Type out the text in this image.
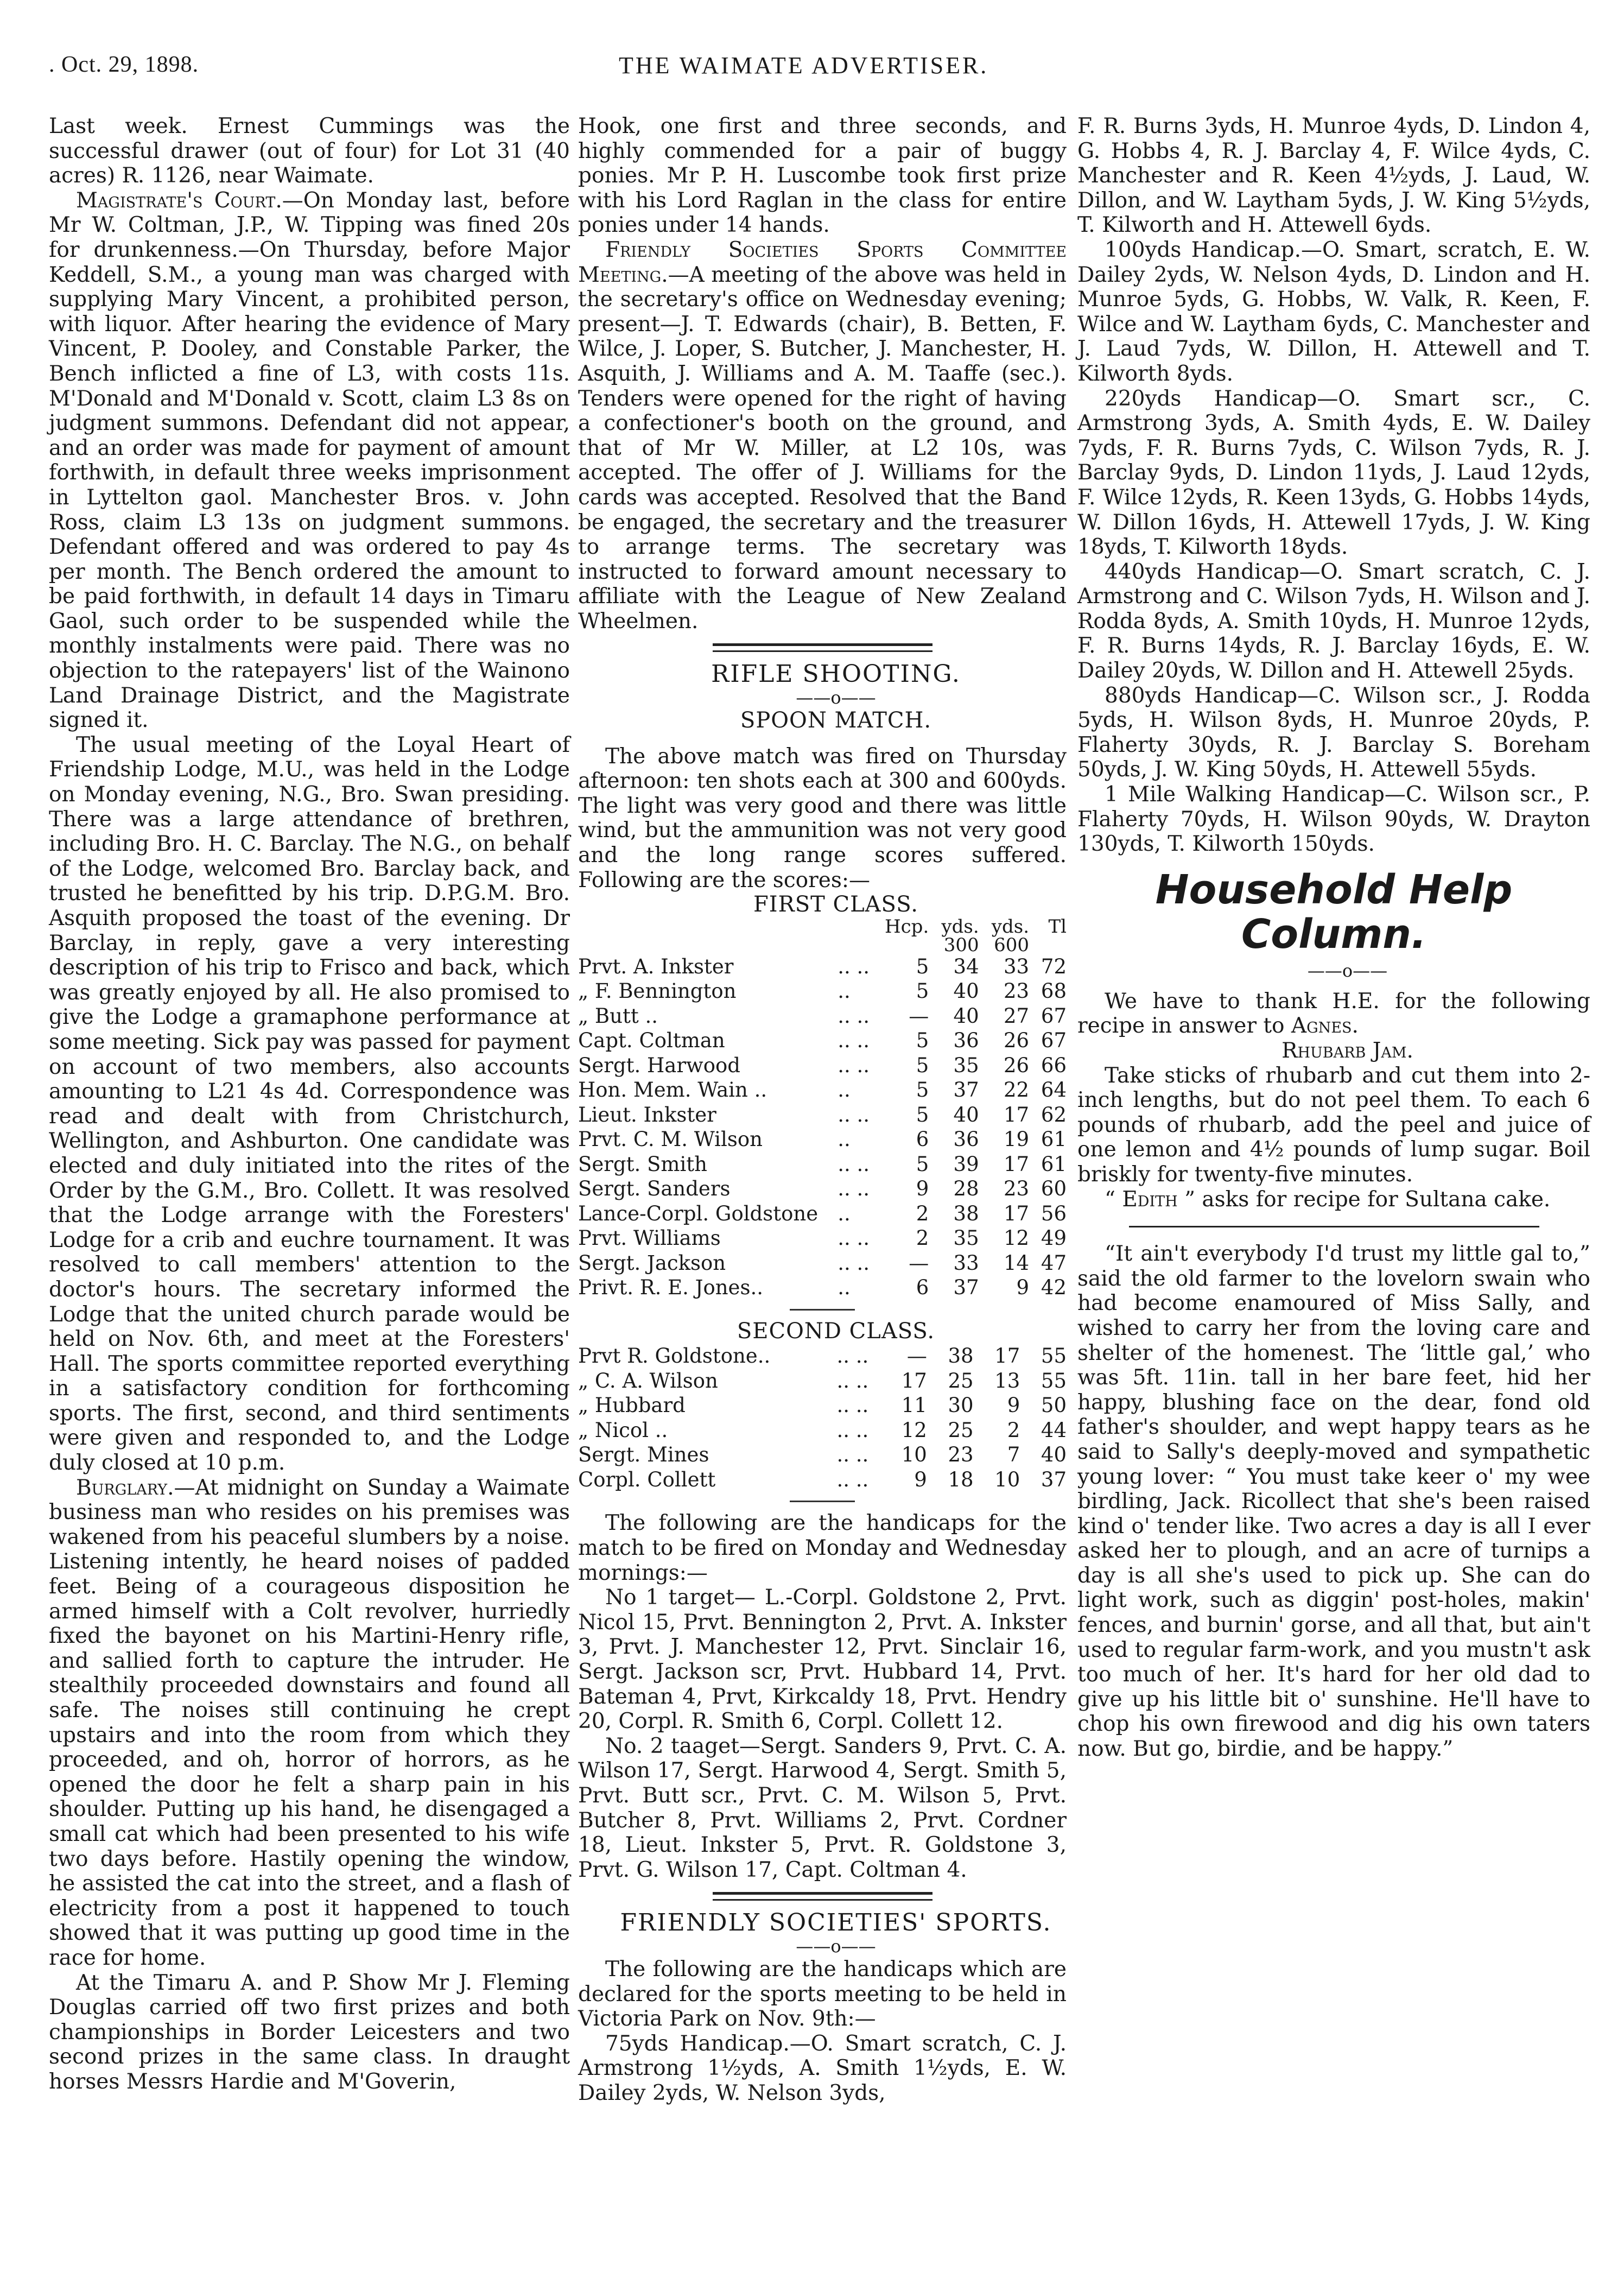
. Oct. 29, 1898.	THE WAIMATE ADVERTISER.

Last week. Ernest Cummings was the successful drawer (out of four) for Lot 31 (40 acres) R. 1126, near Waimate.

Magistrate's Court.—On Monday last, before Mr W. Coltman, J.P., W. Tipping was fined 20s for drunkenness.—On Thursday, before Major Keddell, S.M., a young man was charged with supplying Mary Vincent, a prohibited person, with liquor. After hearing the evidence of Mary Vincent, P. Dooley, and Constable Parker, the Bench inflicted a fine of L3, with costs 11s. M'Donald and M'Donald v. Scott, claim L3 8s on judgment summons. Defendant did not appear, and an order was made for payment of amount forthwith, in default three weeks imprisonment in Lyttelton gaol. Manchester Bros. v. John Ross, claim L3 13s on judgment summons. Defendant offered and was ordered to pay 4s per month. The Bench ordered the amount to be paid forthwith, in default 14 days in Timaru Gaol, such order to be suspended while the monthly instalments were paid. There was no objection to the ratepayers' list of the Wainono Land Drainage District, and the Magistrate signed it.

The usual meeting of the Loyal Heart of Friendship Lodge, M.U., was held in the Lodge on Monday evening, N.G., Bro. Swan presiding. There was a large attendance of brethren, including Bro. H. C. Barclay. The N.G., on behalf of the Lodge, welcomed Bro. Barclay back, and trusted he benefitted by his trip. D.P.G.M. Bro. Asquith proposed the toast of the evening. Dr Barclay, in reply, gave a very interesting description of his trip to Frisco and back, which was greatly enjoyed by all. He also promised to give the Lodge a gramaphone performance at some meeting. Sick pay was passed for payment on account of two members, also accounts amounting to L21 4s 4d. Correspondence was read and dealt with from Christchurch, Wellington, and Ashburton. One candidate was elected and duly initiated into the rites of the Order by the G.M., Bro. Collett. It was resolved that the Lodge arrange with the Foresters' Lodge for a crib and euchre tournament. It was resolved to call members' attention to the doctor's hours. The secretary informed the Lodge that the united church parade would be held on Nov. 6th, and meet at the Foresters' Hall. The sports committee reported everything in a satisfactory condition for forthcoming sports. The first, second, and third sentiments were given and responded to, and the Lodge duly closed at 10 p.m.

Burglary.—At midnight on Sunday a Waimate business man who resides on his premises was wakened from his peaceful slumbers by a noise. Listening intently, he heard noises of padded feet. Being of a courageous disposition he armed himself with a Colt revolver, hurriedly fixed the bayonet on his Martini-Henry rifle, and sallied forth to capture the intruder. He stealthily proceeded downstairs and found all safe. The noises still continuing he crept upstairs and into the room from which they proceeded, and oh, horror of horrors, as he opened the door he felt a sharp pain in his shoulder. Putting up his hand, he disengaged a small cat which had been presented to his wife two days before. Hastily opening the window, he assisted the cat into the street, and a flash of electricity from a post it happened to touch showed that it was putting up good time in the race for home.

At the Timaru A. and P. Show Mr J. Fleming Douglas carried off two first prizes and both championships in Border Leicesters and two second prizes in the same class. In draught horses Messrs Hardie and M'Goverin,

Hook, one first and three seconds, and highly commended for a pair of buggy ponies. Mr P. H. Luscombe took first prize with his Lord Raglan in the class for entire ponies under 14 hands.

Friendly Societies Sports Committee Meeting.—A meeting of the above was held in the secretary's office on Wednesday evening; present—J. T. Edwards (chair), B. Betten, F. Wilce, J. Loper, S. Butcher, J. Manchester, H. Asquith, J. Williams and A. M. Taaffe (sec.). Tenders were opened for the right of having a confectioner's booth on the ground, and that of Mr W. Miller, at L2 10s, was accepted. The offer of J. Williams for the cards was accepted. Resolved that the Band be engaged, the secretary and the treasurer to arrange terms. The secretary was instructed to forward amount necessary to affiliate with the League of New Zealand Wheelmen.

RIFLE SHOOTING.

——o——

SPOON MATCH.

The above match was fired on Thursday afternoon: ten shots each at 300 and 600yds. The light was very good and there was little wind, but the ammunition was not very good and the long range scores suffered. Following are the scores:—

FIRST CLASS.

		Hcp.	yds.	yds.	Tl
			300	600	
Prvt. A. Inkster	.. ..	5	34	33	72
„ F. Bennington	..	5	40	23	68
„ Butt ..	.. ..	—	40	27	67
Capt. Coltman	.. ..	5	36	26	67
Sergt. Harwood	.. ..	5	35	26	66
Hon. Mem. Wain ..	..	5	37	22	64
Lieut. Inkster	.. ..	5	40	17	62
Prvt. C. M. Wilson	..	6	36	19	61
Sergt. Smith	.. ..	5	39	17	61
Sergt. Sanders	.. ..	9	28	23	60
Lance-Corpl. Goldstone	..	2	38	17	56
Prvt. Williams	.. ..	2	35	12	49
Sergt. Jackson	.. ..	—	33	14	47
Privt. R. E. Jones..	..	6	37	9	42

SECOND CLASS.

Prvt R. Goldstone..	.. ..	—	38	17	55
„ C. A. Wilson	.. ..	17	25	13	55
„ Hubbard	.. ..	11	30	9	50
„ Nicol ..	.. ..	12	25	2	44
Sergt. Mines	.. ..	10	23	7	40
Corpl. Collett	.. ..	9	18	10	37

The following are the handicaps for the match to be fired on Monday and Wednesday mornings:—

No 1 target— L.-Corpl. Goldstone 2, Prvt. Nicol 15, Prvt. Bennington 2, Prvt. A. Inkster 3, Prvt. J. Manchester 12, Prvt. Sinclair 16, Sergt. Jackson scr, Prvt. Hubbard 14, Prvt. Bateman 4, Prvt, Kirkcaldy 18, Prvt. Hendry 20, Corpl. R. Smith 6, Corpl. Collett 12.

No. 2 taaget—Sergt. Sanders 9, Prvt. C. A. Wilson 17, Sergt. Harwood 4, Sergt. Smith 5, Prvt. Butt scr., Prvt. C. M. Wilson 5, Prvt. Butcher 8, Prvt. Williams 2, Prvt. Cordner 18, Lieut. Inkster 5, Prvt. R. Goldstone 3, Prvt. G. Wilson 17, Capt. Coltman 4.

FRIENDLY SOCIETIES' SPORTS.

——o——

The following are the handicaps which are declared for the sports meeting to be held in Victoria Park on Nov. 9th:—

75yds Handicap.—O. Smart scratch, C. J. Armstrong 1½yds, A. Smith 1½yds, E. W. Dailey 2yds, W. Nelson 3yds,

F. R. Burns 3yds, H. Munroe 4yds, D. Lindon 4, G. Hobbs 4, R. J. Barclay 4, F. Wilce 4yds, C. Manchester and R. Keen 4½yds, J. Laud, W. Dillon, and W. Laytham 5yds, J. W. King 5½yds, T. Kilworth and H. Attewell 6yds.

100yds Handicap.—O. Smart, scratch, E. W. Dailey 2yds, W. Nelson 4yds, D. Lindon and H. Munroe 5yds, G. Hobbs, W. Valk, R. Keen, F. Wilce and W. Laytham 6yds, C. Manchester and J. Laud 7yds, W. Dillon, H. Attewell and T. Kilworth 8yds.

220yds Handicap—O. Smart scr., C. Armstrong 3yds, A. Smith 4yds, E. W. Dailey 7yds, F. R. Burns 7yds, C. Wilson 7yds, R. J. Barclay 9yds, D. Lindon 11yds, J. Laud 12yds, F. Wilce 12yds, R. Keen 13yds, G. Hobbs 14yds, W. Dillon 16yds, H. Attewell 17yds, J. W. King 18yds, T. Kilworth 18yds.

440yds Handicap—O. Smart scratch, C. J. Armstrong and C. Wilson 7yds, H. Wilson and J. Rodda 8yds, A. Smith 10yds, H. Munroe 12yds, F. R. Burns 14yds, R. J. Barclay 16yds, E. W. Dailey 20yds, W. Dillon and H. Attewell 25yds.

880yds Handicap—C. Wilson scr., J. Rodda 5yds, H. Wilson 8yds, H. Munroe 20yds, P. Flaherty 30yds, R. J. Barclay S. Boreham 50yds, J. W. King 50yds, H. Attewell 55yds.

1 Mile Walking Handicap—C. Wilson scr., P. Flaherty 70yds, H. Wilson 90yds, W. Drayton 130yds, T. Kilworth 150yds.

Household Help
Column.

——o——

We have to thank H.E. for the following recipe in answer to Agnes.

Rhubarb Jam.

Take sticks of rhubarb and cut them into 2-inch lengths, but do not peel them. To each 6 pounds of rhubarb, add the peel and juice of one lemon and 4½ pounds of lump sugar. Boil briskly for twenty-five minutes.

“ Edith ” asks for recipe for Sultana cake.

“It ain't everybody I'd trust my little gal to,” said the old farmer to the lovelorn swain who had become enamoured of Miss Sally, and wished to carry her from the loving care and shelter of the homenest. The ‘little gal,’ who was 5ft. 11in. tall in her bare feet, hid her happy, blushing face on the dear, fond old father's shoulder, and wept happy tears as he said to Sally's deeply-moved and sympathetic young lover: “ You must take keer o' my wee birdling, Jack. Ricollect that she's been raised kind o' tender like. Two acres a day is all I ever asked her to plough, and an acre of turnips a day is all she's used to pick up. She can do light work, such as diggin' post-holes, makin' fences, and burnin' gorse, and all that, but ain't used to regular farm-work, and you mustn't ask too much of her. It's hard for her old dad to give up his little bit o' sunshine. He'll have to chop his own firewood and dig his own taters now. But go, birdie, and be happy.”
